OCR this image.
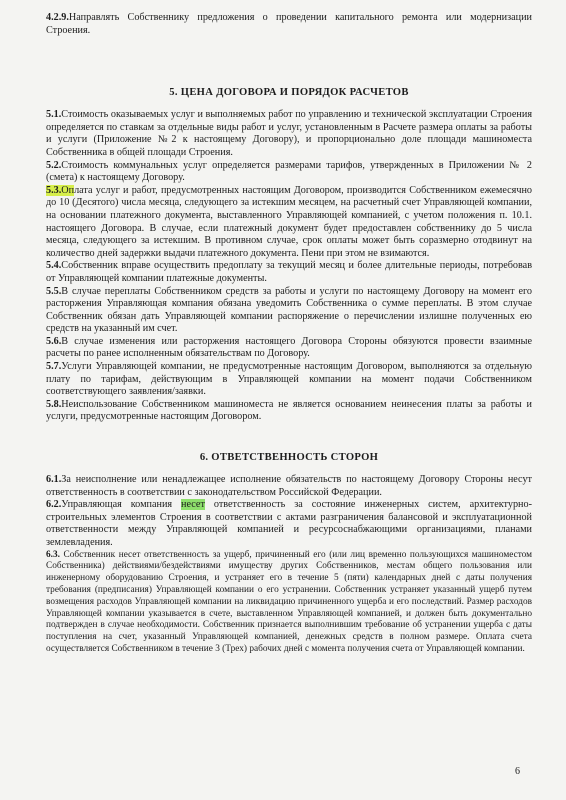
4.2.9.Направлять Собственнику предложения о проведении капитального ремонта или модернизации Строения.

5. ЦЕНА ДОГОВОРА И ПОРЯДОК РАСЧЕТОВ

5.1.Стоимость оказываемых услуг и выполняемых работ по управлению и технической эксплуатации Строения определяется по ставкам за отдельные виды работ и услуг, установленным в Расчете размера оплаты за работы и услуги (Приложение №2 к настоящему Договору), и пропорционально доле площади машиноместа Собственника в общей площади Строения.

5.2.Стоимость коммунальных услуг определяется размерами тарифов, утвержденных в Приложении № 2 (смета) к настоящему Договору.

5.3.Оплата услуг и работ, предусмотренных настоящим Договором, производится Собственником ежемесячно до 10 (Десятого) числа месяца, следующего за истекшим месяцем, на расчетный счет Управляющей компании, на основании платежного документа, выставленного Управляющей компанией, с учетом положения п. 10.1. настоящего Договора. В случае, если платежный документ будет предоставлен собственнику до 5 числа месяца, следующего за истекшим. В противном случае, срок оплаты может быть соразмерно отодвинут на количество дней задержки выдачи платежного документа. Пени при этом не взимаются.

5.4.Собственник вправе осуществить предоплату за текущий месяц и более длительные периоды, потребовав от Управляющей компании платежные документы.

5.5.В случае переплаты Собственником средств за работы и услуги по настоящему Договору на момент его расторжения Управляющая компания обязана уведомить Собственника о сумме переплаты. В этом случае Собственник обязан дать Управляющей компании распоряжение о перечислении излишне полученных ею средств на указанный им счет.

5.6.В случае изменения или расторжения настоящего Договора Стороны обязуются провести взаимные расчеты по ранее исполненным обязательствам по Договору.

5.7.Услуги Управляющей компании, не предусмотренные настоящим Договором, выполняются за отдельную плату по тарифам, действующим в Управляющей компании на момент подачи Собственником соответствующего заявления/заявки.

5.8.Неиспользование Собственником машиноместа не является основанием неинесения платы за работы и услуги, предусмотренные настоящим Договором.

6. ОТВЕТСТВЕННОСТЬ СТОРОН

6.1.За неисполнение или ненадлежащее исполнение обязательств по настоящему Договору Стороны несут ответственность в соответствии с законодательством Российской Федерации.

6.2.Управляющая компания несет ответственность за состояние инженерных систем, архитектурно-строительных элементов Строения в соответствии с актами разграничения балансовой и эксплуатационной ответственности между Управляющей компанией и ресурсоснабжающими организациями, планами землевладения.

6.3. Собственник несет ответственность за ущерб, причиненный его (или лиц временно пользующихся машиноместом Собственника) действиями/бездействиями имуществу других Собственников, местам общего пользования или инженерному оборудованию Строения, и устраняет его в течение 5 (пяти) календарных дней с даты получения требования (предписания) Управляющей компании о его устранении. Собственник устраняет указанный ущерб путем возмещения расходов Управляющей компании на ликвидацию причиненного ущерба и его последствий. Размер расходов Управляющей компании указывается в счете, выставленном Управляющей компанией, и должен быть документально подтвержден в случае необходимости. Собственник признается выполнившим требование об устранении ущерба с даты поступления на счет, указанный Управляющей компанией, денежных средств в полном размере. Оплата счета осуществляется Собственником в течение 3 (Трех) рабочих дней с момента получения счета от Управляющей компании.

6
